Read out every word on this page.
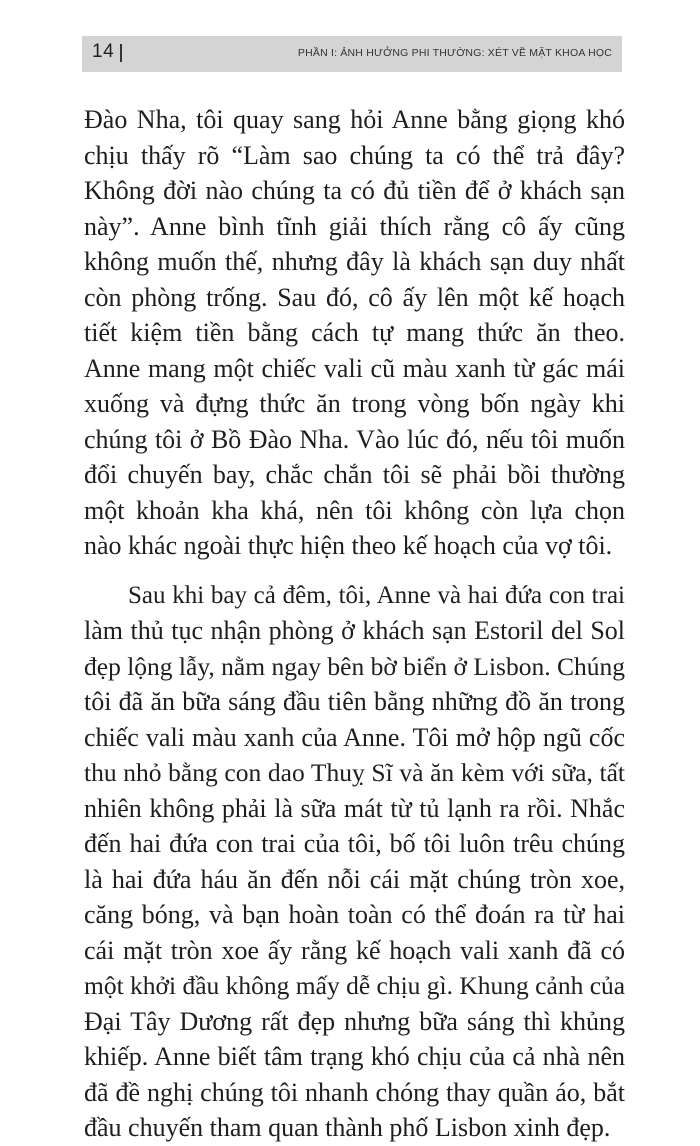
14	PHẦN I: ẢNH HƯỞNG PHI THƯỜNG: XÉT VỀ MẶT KHOA HỌC
Đào Nha, tôi quay sang hỏi Anne bằng giọng khó
chịu thấy rõ “Làm sao chúng ta có thể trả đây?
Không đời nào chúng ta có đủ tiền để ở khách sạn
này”. Anne bình tĩnh giải thích rằng cô ấy cũng
không muốn thế, nhưng đây là khách sạn duy nhất
còn phòng trống. Sau đó, cô ấy lên một kế hoạch
tiết kiệm tiền bằng cách tự mang thức ăn theo.
Anne mang một chiếc vali cũ màu xanh từ gác mái
xuống và đựng thức ăn trong vòng bốn ngày khi
chúng tôi ở Bồ Đào Nha. Vào lúc đó, nếu tôi muốn
đổi chuyến bay, chắc chắn tôi sẽ phải bồi thường
một khoản kha khá, nên tôi không còn lựa chọn
nào khác ngoài thực hiện theo kế hoạch của vợ tôi.
Sau khi bay cả đêm, tôi, Anne và hai đứa con trai
làm thủ tục nhận phòng ở khách sạn Estoril del Sol
đẹp lộng lẫy, nằm ngay bên bờ biển ở Lisbon. Chúng
tôi đã ăn bữa sáng đầu tiên bằng những đồ ăn trong
chiếc vali màu xanh của Anne. Tôi mở hộp ngũ cốc
thu nhỏ bằng con dao Thuỵ Sĩ và ăn kèm với sữa, tất
nhiên không phải là sữa mát từ tủ lạnh ra rồi. Nhắc
đến hai đứa con trai của tôi, bố tôi luôn trêu chúng
là hai đứa háu ăn đến nỗi cái mặt chúng tròn xoe,
căng bóng, và bạn hoàn toàn có thể đoán ra từ hai
cái mặt tròn xoe ấy rằng kế hoạch vali xanh đã có
một khởi đầu không mấy dễ chịu gì. Khung cảnh của
Đại Tây Dương rất đẹp nhưng bữa sáng thì khủng
khiếp. Anne biết tâm trạng khó chịu của cả nhà nên
đã đề nghị chúng tôi nhanh chóng thay quần áo, bắt
đầu chuyến tham quan thành phố Lisbon xinh đẹp.
